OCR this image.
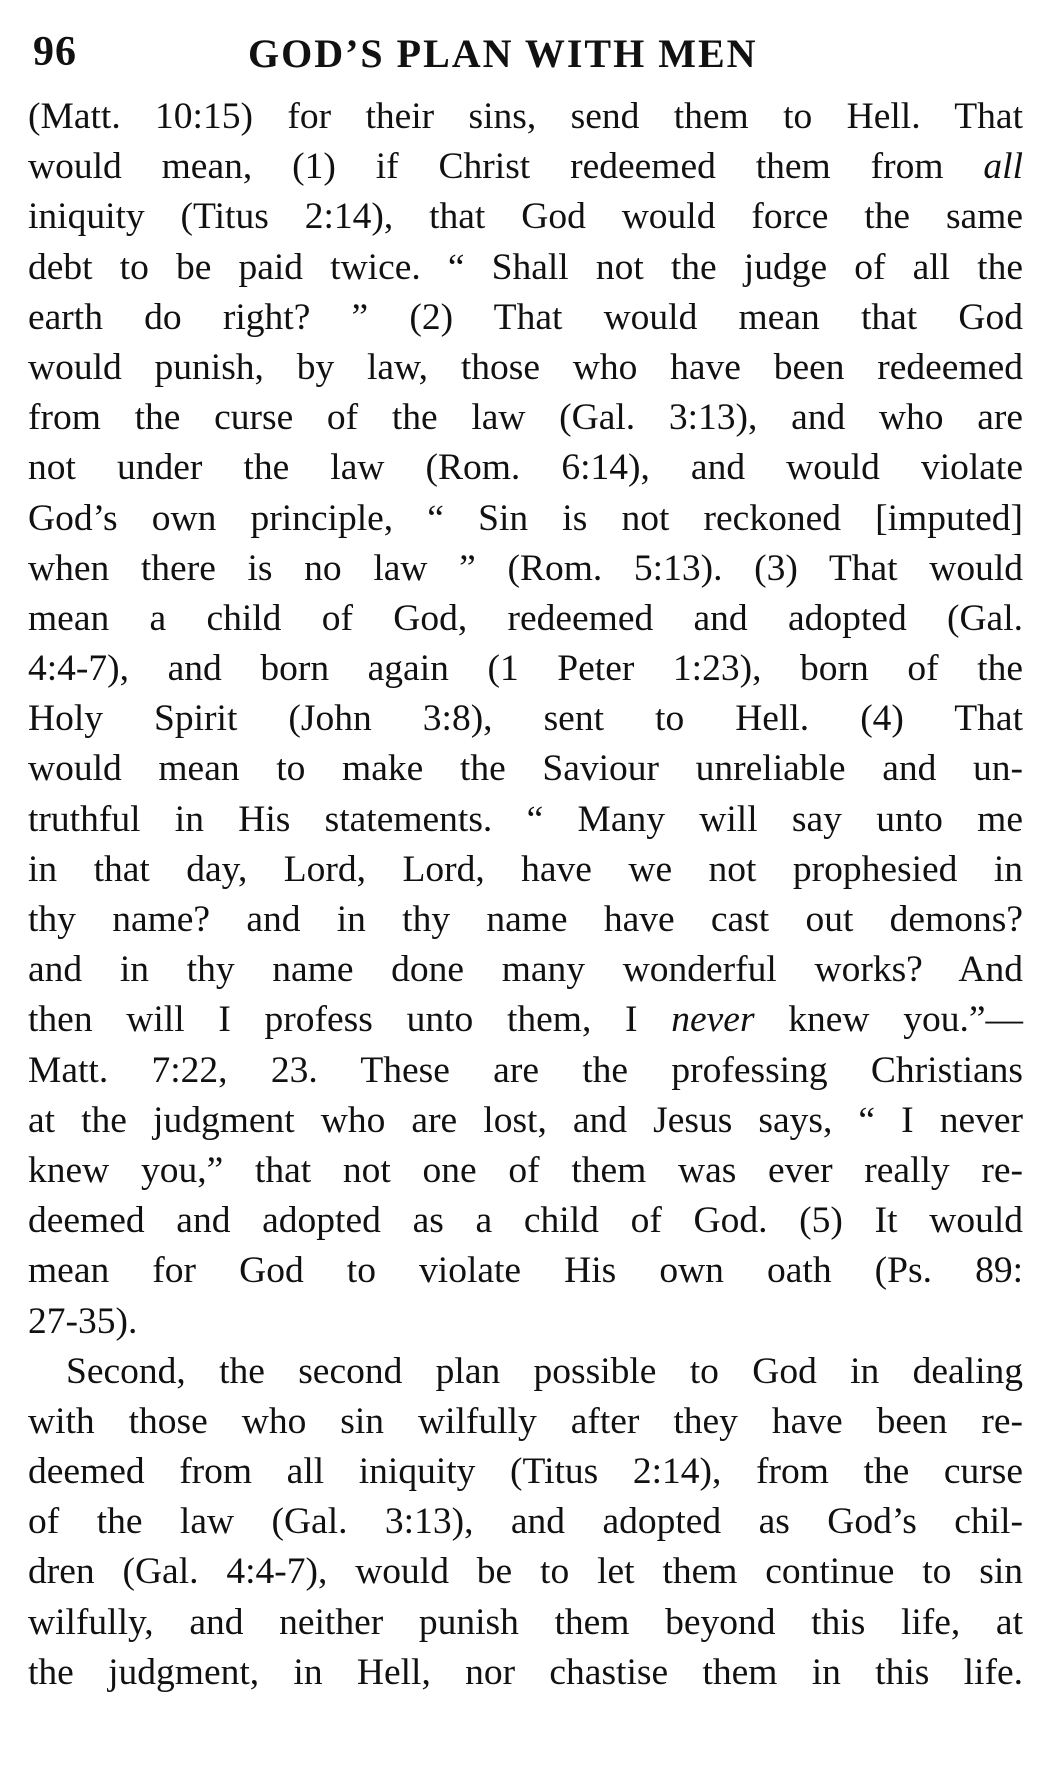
96	GOD’S PLAN WITH MEN
(Matt. 10:15) for their sins, send them to Hell. That
would mean, (1) if Christ redeemed them from all
iniquity (Titus 2:14), that God would force the same
debt to be paid twice. “ Shall not the judge of all the
earth do right? ” (2) That would mean that God
would punish, by law, those who have been redeemed
from the curse of the law (Gal. 3:13), and who are
not under the law (Rom. 6:14), and would violate
God’s own principle, “ Sin is not reckoned [imputed]
when there is no law ” (Rom. 5:13). (3) That would
mean a child of God, redeemed and adopted (Gal.
4:4-7), and born again (1 Peter 1:23), born of the
Holy Spirit (John 3:8), sent to Hell. (4) That
would mean to make the Saviour unreliable and un-
truthful in His statements. “ Many will say unto me
in that day, Lord, Lord, have we not prophesied in
thy name? and in thy name have cast out demons?
and in thy name done many wonderful works? And
then will I profess unto them, I never knew you.”—
Matt. 7:22, 23. These are the professing Christians
at the judgment who are lost, and Jesus says, “ I never
knew you,” that not one of them was ever really re-
deemed and adopted as a child of God. (5) It would
mean for God to violate His own oath (Ps. 89:
27-35).
Second, the second plan possible to God in dealing
with those who sin wilfully after they have been re-
deemed from all iniquity (Titus 2:14), from the curse
of the law (Gal. 3:13), and adopted as God’s chil-
dren (Gal. 4:4-7), would be to let them continue to sin
wilfully, and neither punish them beyond this life, at
the judgment, in Hell, nor chastise them in this life.
